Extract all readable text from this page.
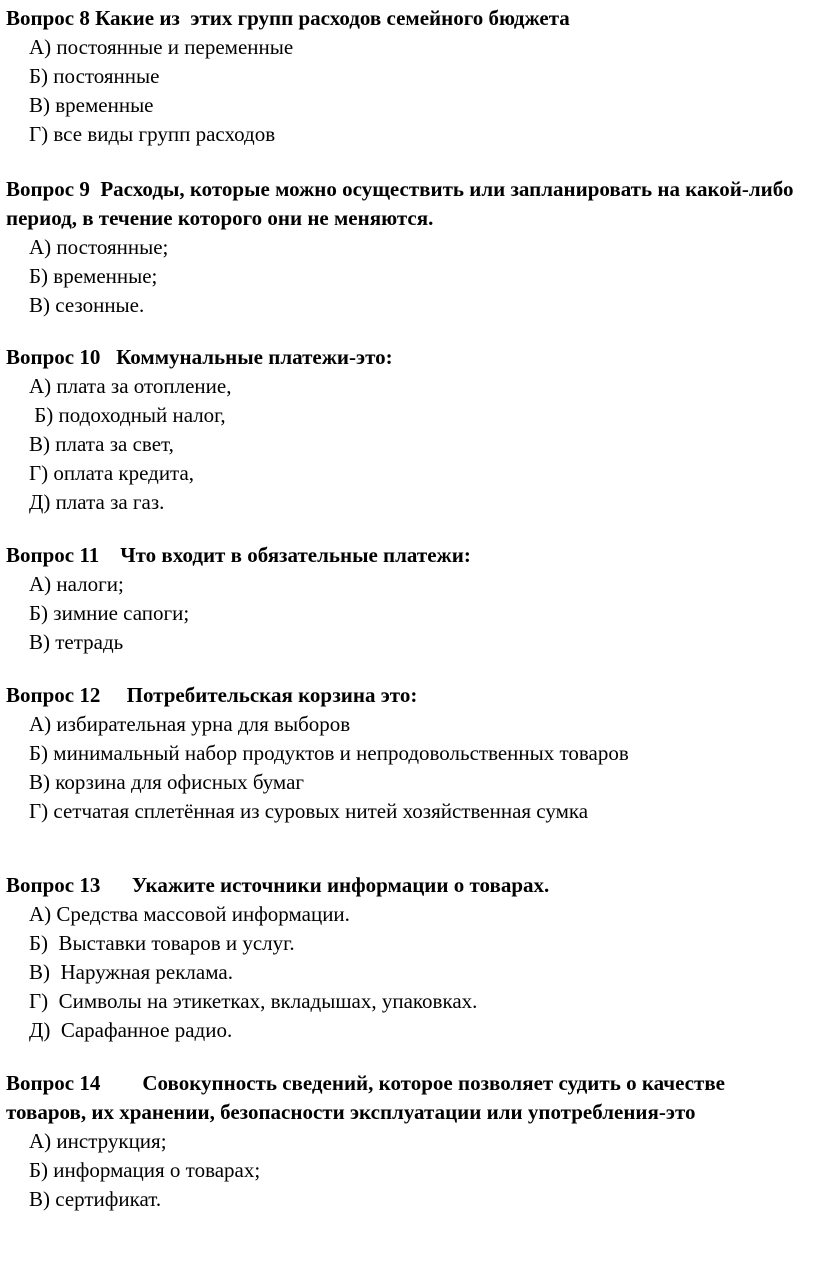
Вопрос 8 Какие из  этих групп расходов семейного бюджета

А) постоянные и переменные
Б) постоянные
В) временные
Г) все виды групп расходов

Вопрос 9  Расходы, которые можно осуществить или запланировать на какой-либо период, в течение которого они не меняются.

А) постоянные;
Б) временные;
В) сезонные.

Вопрос 10   Коммунальные платежи-это:

А) плата за отопление,
Б) подоходный налог,
В) плата за свет,
Г) оплата кредита,
Д) плата за газ.

Вопрос 11    Что входит в обязательные платежи:

А) налоги;
Б) зимние сапоги;
В) тетрадь

Вопрос 12     Потребительская корзина это:

А) избирательная урна для выборов
Б) минимальный набор продуктов и непродовольственных товаров
В) корзина для офисных бумаг
Г) сетчатая сплетённая из суровых нитей хозяйственная сумка

Вопрос 13      Укажите источники информации о товарах.

А) Средства массовой информации.
Б)  Выставки товаров и услуг.
В)  Наружная реклама.
Г)  Символы на этикетках, вкладышах, упаковках.
Д)  Сарафанное радио.

Вопрос 14        Совокупность сведений, которое позволяет судить о качестве товаров, их хранении, безопасности эксплуатации или употребления-это

А) инструкция;
Б) информация о товарах;
В) сертификат.
